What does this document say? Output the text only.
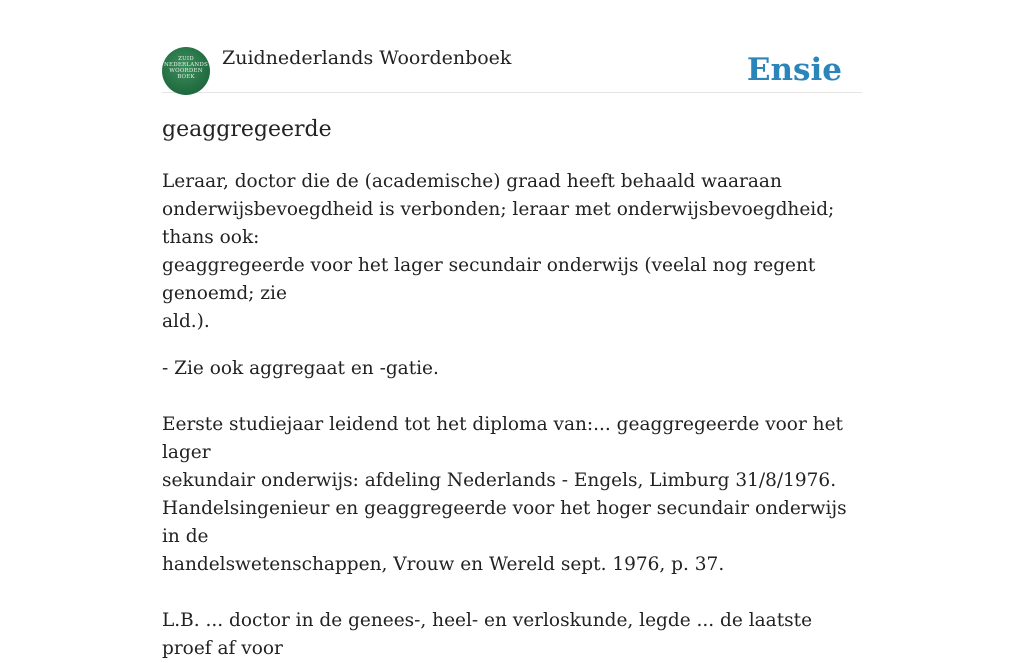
ZUID
NEDERLANDS
WOORDEN
BOEK
Zuidnederlands Woordenboek	Ensie
geaggregeerde

Leraar, doctor die de (academische) graad heeft behaald waaraan
onderwijsbevoegdheid is verbonden; leraar met onderwijsbevoegdheid; thans ook:
geaggregeerde voor het lager secundair onderwijs (veelal nog regent genoemd; zie
ald.).

- Zie ook aggregaat en -gatie.

Eerste studiejaar leidend tot het diploma van:... geaggregeerde voor het lager
sekundair onderwijs: afdeling Nederlands - Engels, Limburg 31/8/1976.
Handelsingenieur en geaggregeerde voor het hoger secundair onderwijs in de
handelswetenschappen, Vrouw en Wereld sept. 1976, p. 37.

L.B. ... doctor in de genees-, heel- en verloskunde, legde ... de laatste proef af voor
